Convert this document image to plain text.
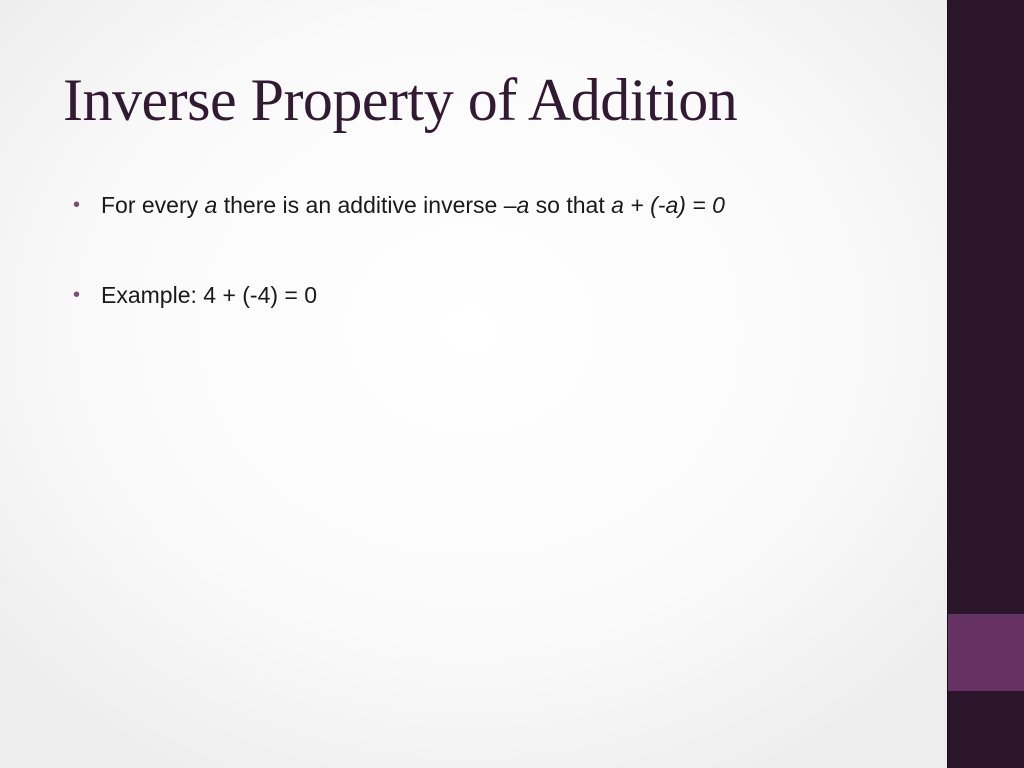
Inverse Property of Addition
• For every a there is an additive inverse –a so that a + (-a) = 0
• Example: 4 + (-4) = 0
